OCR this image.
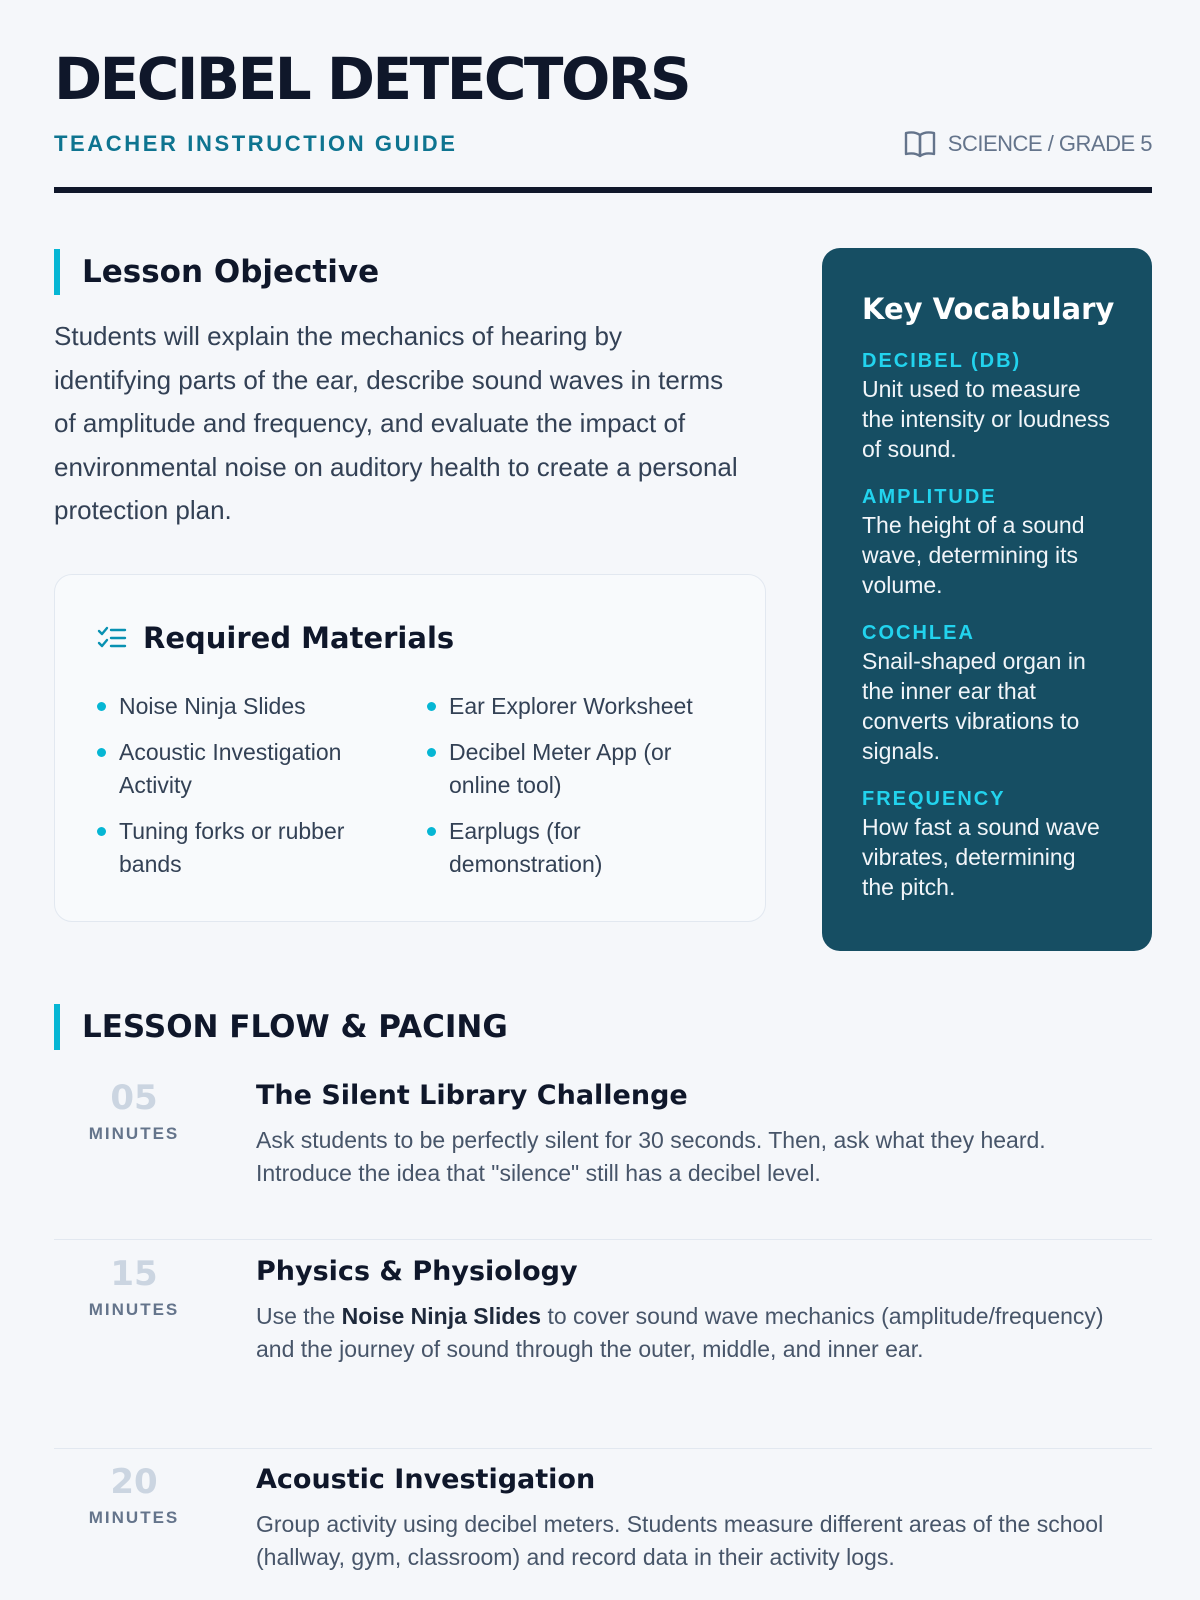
DECIBEL DETECTORS
TEACHER INSTRUCTION GUIDE	SCIENCE / GRADE 5
Lesson Objective
Students will explain the mechanics of hearing by identifying parts of the ear, describe sound waves in terms of amplitude and frequency, and evaluate the impact of environmental noise on auditory health to create a personal protection plan.
Required Materials
Noise Ninja Slides	Ear Explorer Worksheet
Acoustic Investigation Activity
Decibel Meter App (or online tool)
Tuning forks or rubber bands
Earplugs (for demonstration)
Key Vocabulary
DECIBEL (DB)
Unit used to measure the intensity or loudness of sound.
AMPLITUDE
The height of a sound wave, determining its volume.
COCHLEA
Snail-shaped organ in the inner ear that converts vibrations to signals.
FREQUENCY
How fast a sound wave vibrates, determining the pitch.
LESSON FLOW & PACING
05
MINUTES
The Silent Library Challenge
Ask students to be perfectly silent for 30 seconds. Then, ask what they heard. Introduce the idea that "silence" still has a decibel level.
15
MINUTES
Physics & Physiology
Use the Noise Ninja Slides to cover sound wave mechanics (amplitude/frequency) and the journey of sound through the outer, middle, and inner ear.
20
MINUTES
Acoustic Investigation
Group activity using decibel meters. Students measure different areas of the school (hallway, gym, classroom) and record data in their activity logs.
